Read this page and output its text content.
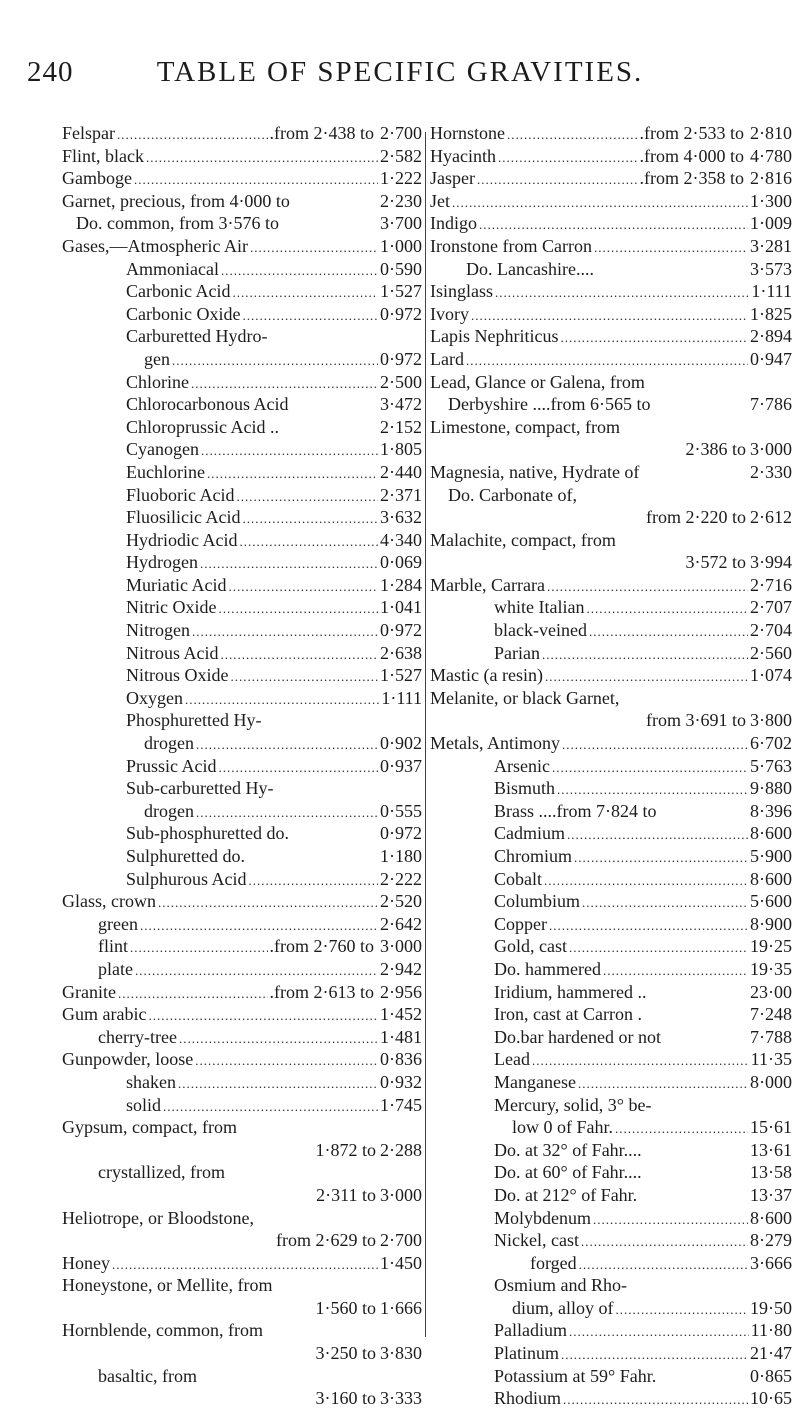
240	TABLE OF SPECIFIC GRAVITIES.
Felspar .....	.from 2·438 to 2·700
Flint, black .....	2·582
Gamboge .....	1·222
Garnet, precious, from 4·000 to	2·230
Do. common, from 3·576 to	3·700
Gases,—Atmospheric Air .....	1·000
Ammoniacal .....	0·590
Carbonic Acid .....	1·527
Carbonic Oxide .....	0·972
Carburetted Hydro-
gen .....	0·972
Chlorine .....	2·500
Chlorocarbonous Acid	3·472
Chloroprussic Acid ..	2·152
Cyanogen .....	1·805
Euchlorine .....	2·440
Fluoboric Acid .....	2·371
Fluosilicic Acid .....	3·632
Hydriodic Acid .....	4·340
Hydrogen .....	0·069
Muriatic Acid .....	1·284
Nitric Oxide .....	1·041
Nitrogen .....	0·972
Nitrous Acid .....	2·638
Nitrous Oxide .....	1·527
Oxygen .....	1·111
Phosphuretted Hy-
drogen .....	0·902
Prussic Acid .....	0·937
Sub-carburetted Hy-
drogen .....	0·555
Sub-phosphuretted do.	0·972
Sulphuretted do.	1·180
Sulphurous Acid .....	2·222
Glass, crown .....	2·520
green .....	2·642
flint .....	.from 2·760 to 3·000
plate .....	2·942
Granite .....	.from 2·613 to 2·956
Gum arabic .....	1·452
cherry-tree .....	1·481
Gunpowder, loose .....	0·836
shaken .....	0·932
solid .....	1·745
Gypsum, compact, from
1·872 to 2·288
crystallized, from
2·311 to 3·000
Heliotrope, or Bloodstone,
from 2·629 to 2·700
Honey .....	1·450
Honeystone, or Mellite, from
1·560 to 1·666
Hornblende, common, from
3·250 to 3·830
basaltic, from
3·160 to 3·333
Hornstone .....	.from 2·533 to 2·810
Hyacinth .....	.from 4·000 to 4·780
Jasper .....	.from 2·358 to 2·816
Jet .....	1·300
Indigo .....	1·009
Ironstone from Carron .....	3·281
Do. Lancashire....	3·573
Isinglass .....	1·111
Ivory .....	1·825
Lapis Nephriticus .....	2·894
Lard .....	0·947
Lead, Glance or Galena, from
Derbyshire ....from 6·565 to	7·786
Limestone, compact, from
2·386 to 3·000
Magnesia, native, Hydrate of	2·330
Do. Carbonate of,
from 2·220 to 2·612
Malachite, compact, from
3·572 to 3·994
Marble, Carrara .....	2·716
white Italian .....	2·707
black-veined .....	2·704
Parian .....	2·560
Mastic (a resin) .....	1·074
Melanite, or black Garnet,
from 3·691 to 3·800
Metals, Antimony .....	6·702
Arsenic .....	5·763
Bismuth .....	9·880
Brass ....from 7·824 to	8·396
Cadmium .....	8·600
Chromium .....	5·900
Cobalt .....	8·600
Columbium .....	5·600
Copper .....	8·900
Gold, cast .....	19·25
Do. hammered .....	19·35
Iridium, hammered ..	23·00
Iron, cast at Carron .	7·248
Do.bar hardened or not	7·788
Lead .....	11·35
Manganese .....	8·000
Mercury, solid, 3° be-
low 0 of Fahr. .....	15·61
Do. at 32° of Fahr....	13·61
Do. at 60° of Fahr....	13·58
Do. at 212° of Fahr.	13·37
Molybdenum .....	8·600
Nickel, cast .....	8·279
forged .....	3·666
Osmium and Rho-
dium, alloy of .....	19·50
Palladium .....	11·80
Platinum .....	21·47
Potassium at 59° Fahr.	0·865
Rhodium .....	10·65
